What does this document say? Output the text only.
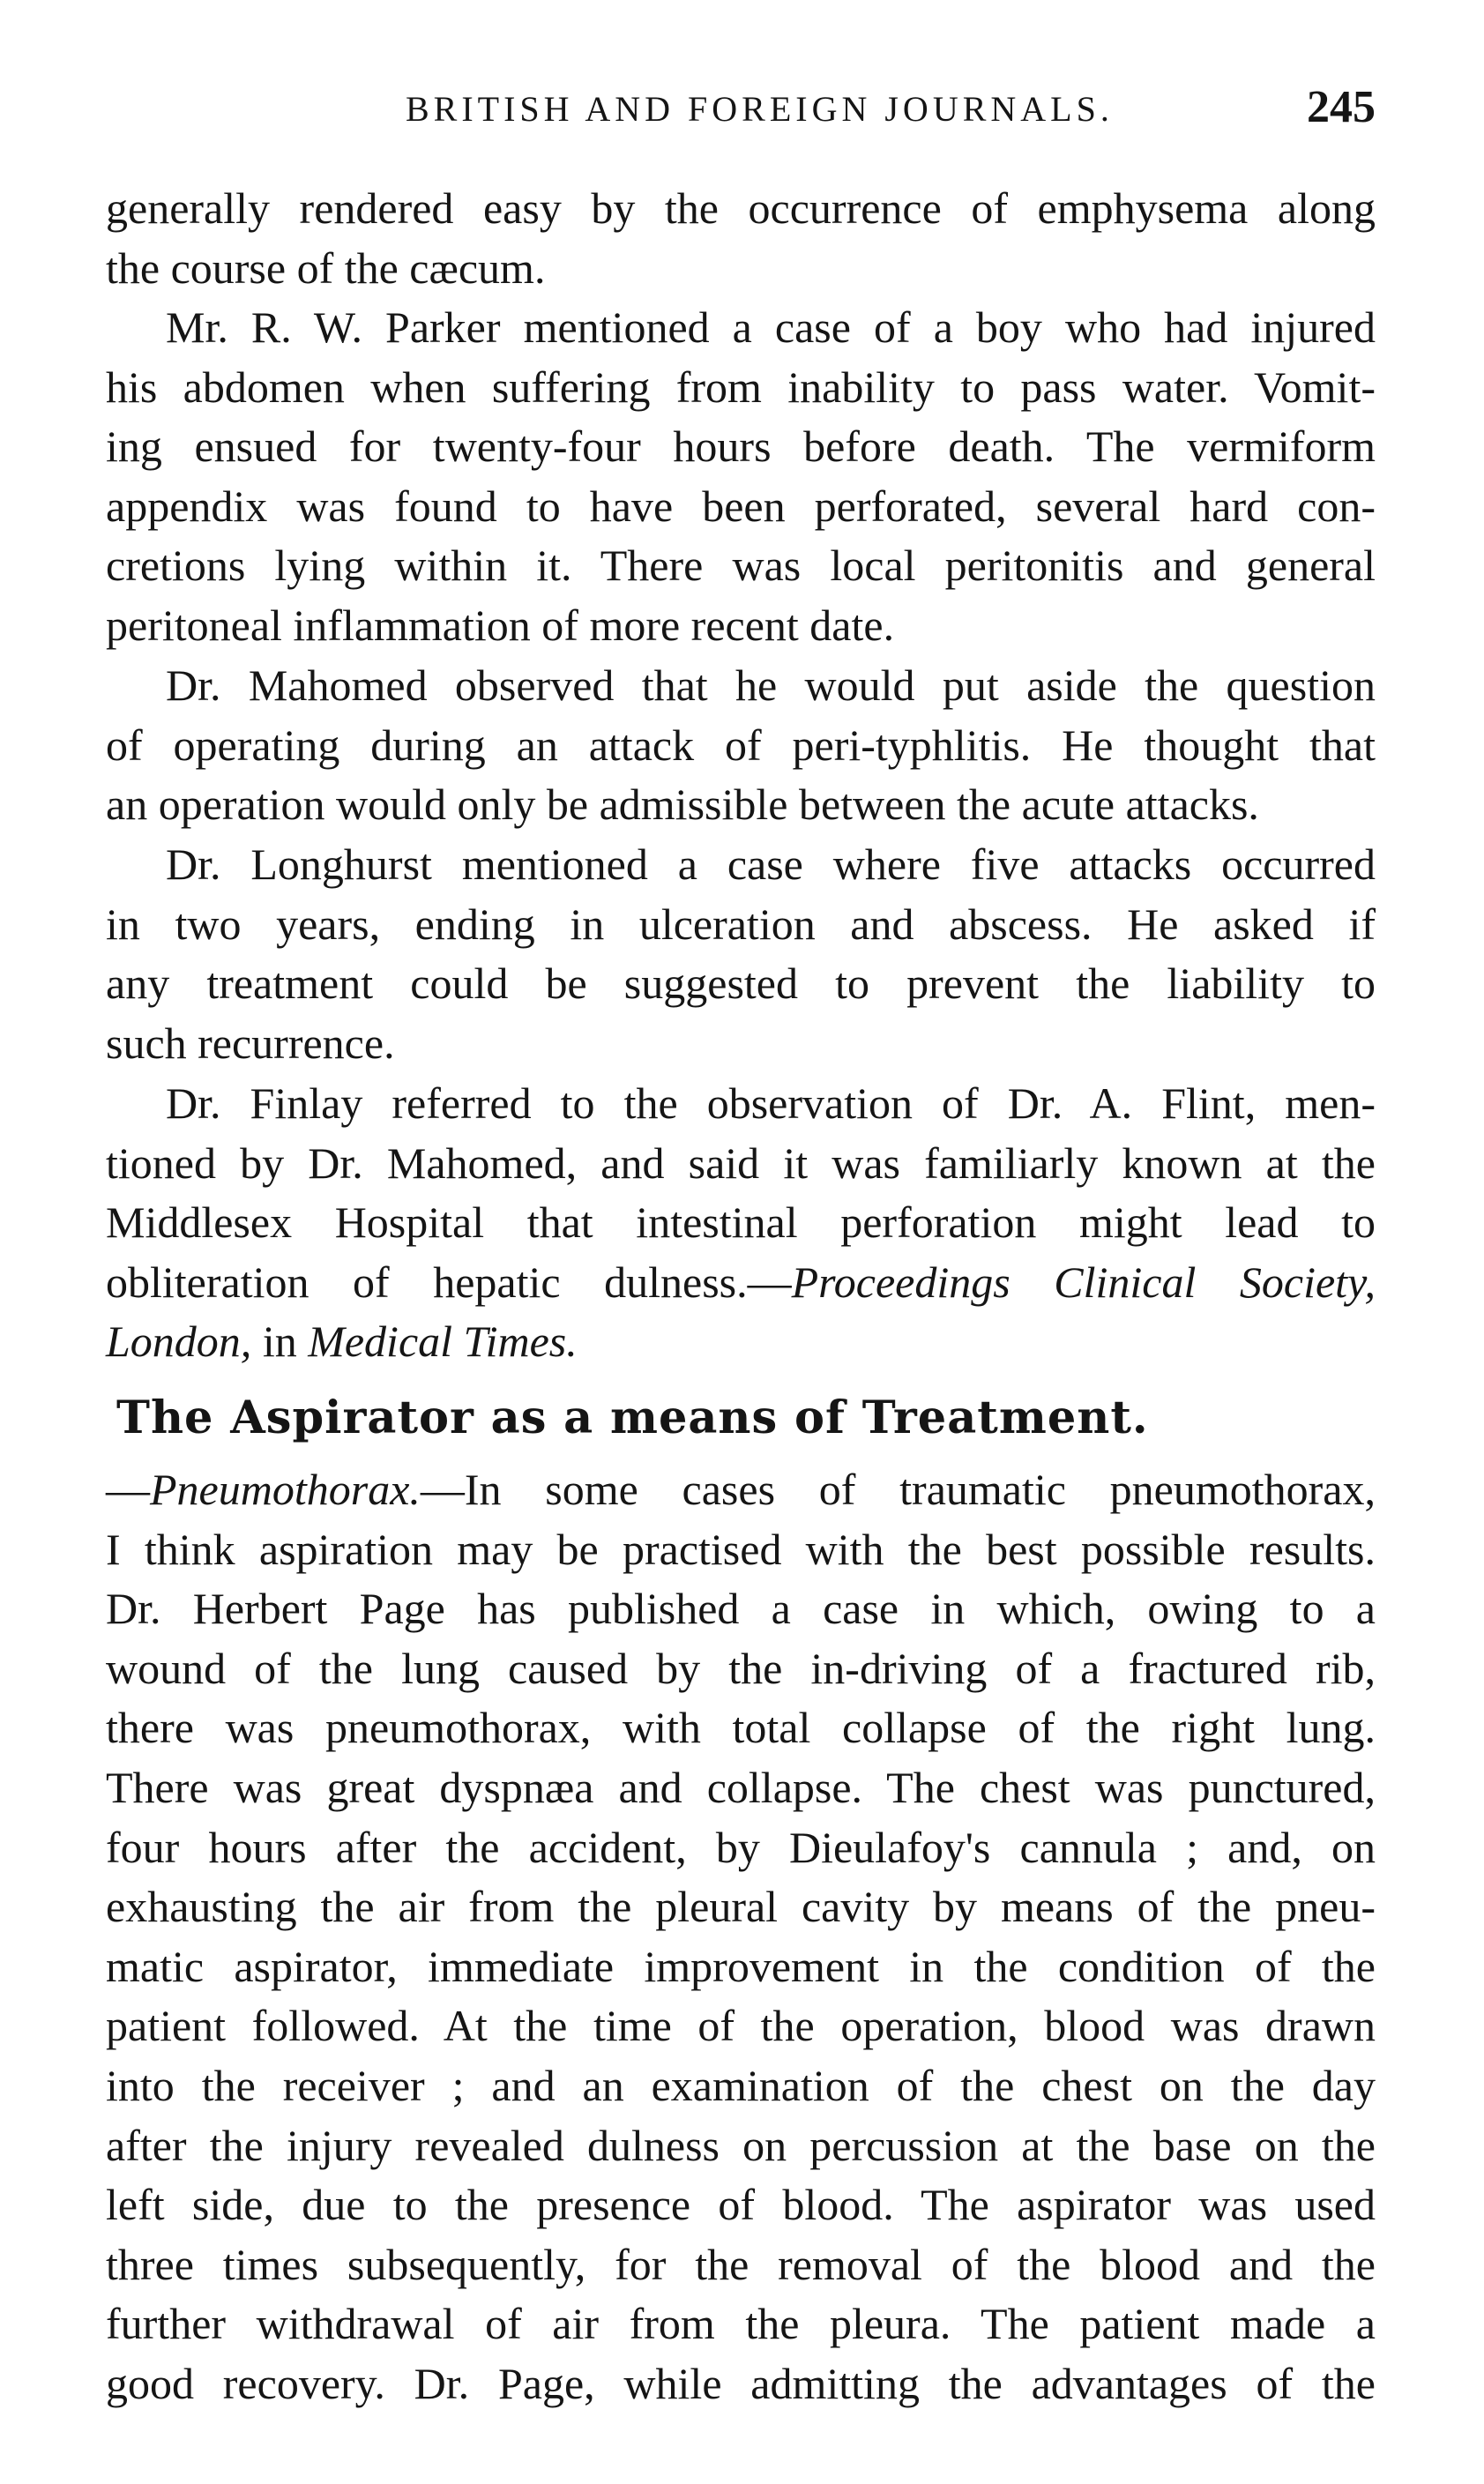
BRITISH AND FOREIGN JOURNALS.	245
generally rendered easy by the occurrence of emphysema along
the course of the cæcum.
Mr. R. W. Parker mentioned a case of a boy who had injured
his abdomen when suffering from inability to pass water. Vomit-
ing ensued for twenty-four hours before death. The vermiform
appendix was found to have been perforated, several hard con-
cretions lying within it. There was local peritonitis and general
peritoneal inflammation of more recent date.
Dr. Mahomed observed that he would put aside the question
of operating during an attack of peri-typhlitis. He thought that
an operation would only be admissible between the acute attacks.
Dr. Longhurst mentioned a case where five attacks occurred
in two years, ending in ulceration and abscess. He asked if
any treatment could be suggested to prevent the liability to
such recurrence.
Dr. Finlay referred to the observation of Dr. A. Flint, men-
tioned by Dr. Mahomed, and said it was familiarly known at the
Middlesex Hospital that intestinal perforation might lead to
obliteration of hepatic dulness.—Proceedings Clinical Society,
London, in Medical Times.
The Aspirator as a means of Treatment.
—Pneumothorax.—In some cases of traumatic pneumothorax,
I think aspiration may be practised with the best possible results.
Dr. Herbert Page has published a case in which, owing to a
wound of the lung caused by the in-driving of a fractured rib,
there was pneumothorax, with total collapse of the right lung.
There was great dyspnæa and collapse. The chest was punctured,
four hours after the accident, by Dieulafoy's cannula ; and, on
exhausting the air from the pleural cavity by means of the pneu-
matic aspirator, immediate improvement in the condition of the
patient followed. At the time of the operation, blood was drawn
into the receiver ; and an examination of the chest on the day
after the injury revealed dulness on percussion at the base on the
left side, due to the presence of blood. The aspirator was used
three times subsequently, for the removal of the blood and the
further withdrawal of air from the pleura. The patient made a
good recovery. Dr. Page, while admitting the advantages of the
